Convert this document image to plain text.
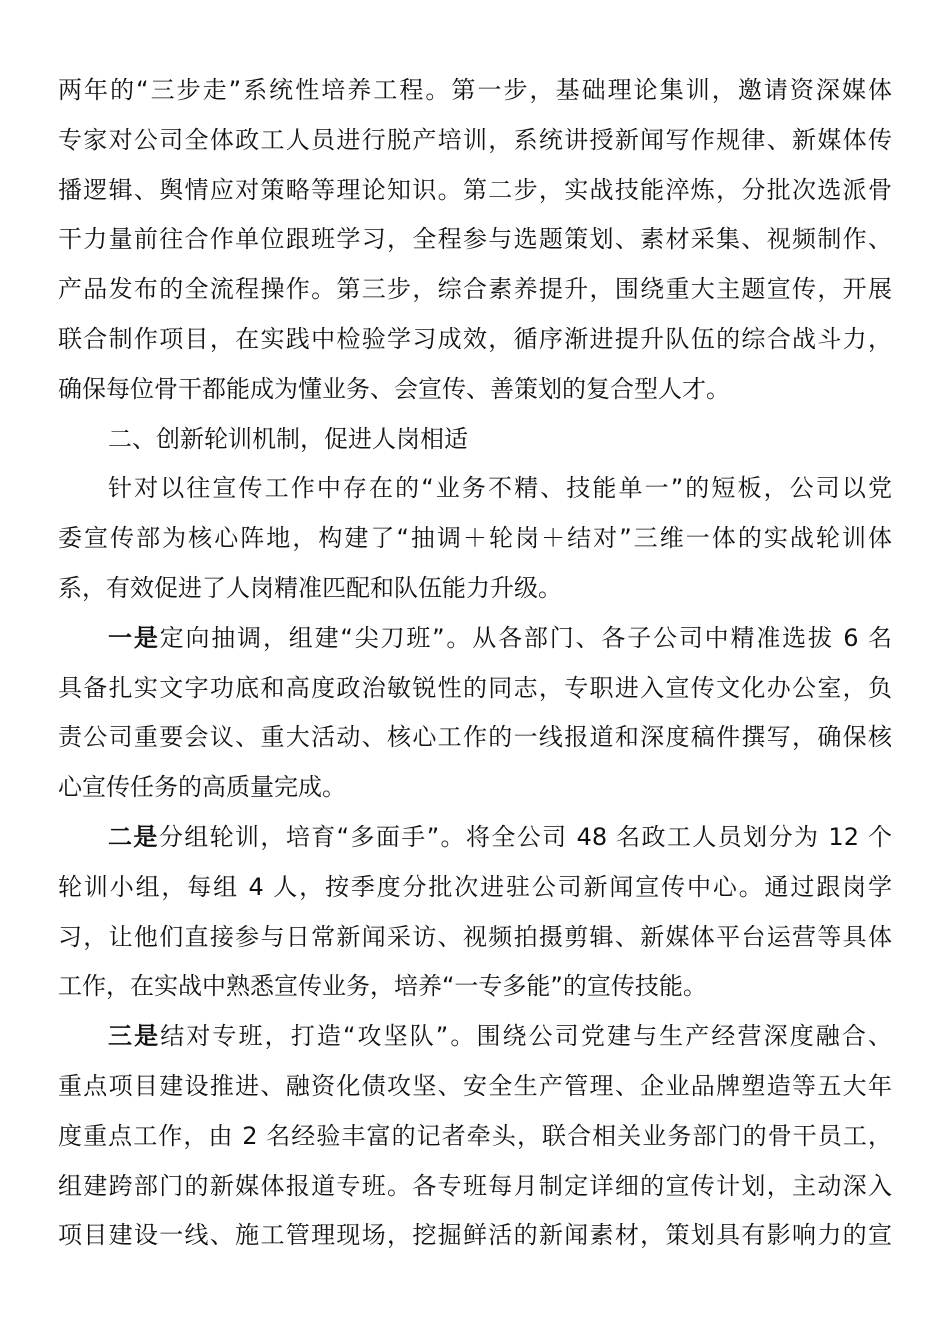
两年的“三步走”系统性培养工程。第一步，基础理论集训，邀请资深媒体
专家对公司全体政工人员进行脱产培训，系统讲授新闻写作规律、新媒体传
播逻辑、舆情应对策略等理论知识。第二步，实战技能淬炼，分批次选派骨
干力量前往合作单位跟班学习，全程参与选题策划、素材采集、视频制作、
产品发布的全流程操作。第三步，综合素养提升，围绕重大主题宣传，开展
联合制作项目，在实践中检验学习成效，循序渐进提升队伍的综合战斗力，
确保每位骨干都能成为懂业务、会宣传、善策划的复合型人才。
二、创新轮训机制，促进人岗相适
针对以往宣传工作中存在的“业务不精、技能单一”的短板，公司以党
委宣传部为核心阵地，构建了“抽调＋轮岗＋结对”三维一体的实战轮训体
系，有效促进了人岗精准匹配和队伍能力升级。
一是定向抽调，组建“尖刀班”。从各部门、各子公司中精准选拔 6 名
具备扎实文字功底和高度政治敏锐性的同志，专职进入宣传文化办公室，负
责公司重要会议、重大活动、核心工作的一线报道和深度稿件撰写，确保核
心宣传任务的高质量完成。
二是分组轮训，培育“多面手”。将全公司 48 名政工人员划分为 12 个
轮训小组，每组 4 人，按季度分批次进驻公司新闻宣传中心。通过跟岗学
习，让他们直接参与日常新闻采访、视频拍摄剪辑、新媒体平台运营等具体
工作，在实战中熟悉宣传业务，培养“一专多能”的宣传技能。
三是结对专班，打造“攻坚队”。围绕公司党建与生产经营深度融合、
重点项目建设推进、融资化债攻坚、安全生产管理、企业品牌塑造等五大年
度重点工作，由 2 名经验丰富的记者牵头，联合相关业务部门的骨干员工，
组建跨部门的新媒体报道专班。各专班每月制定详细的宣传计划，主动深入
项目建设一线、施工管理现场，挖掘鲜活的新闻素材，策划具有影响力的宣
